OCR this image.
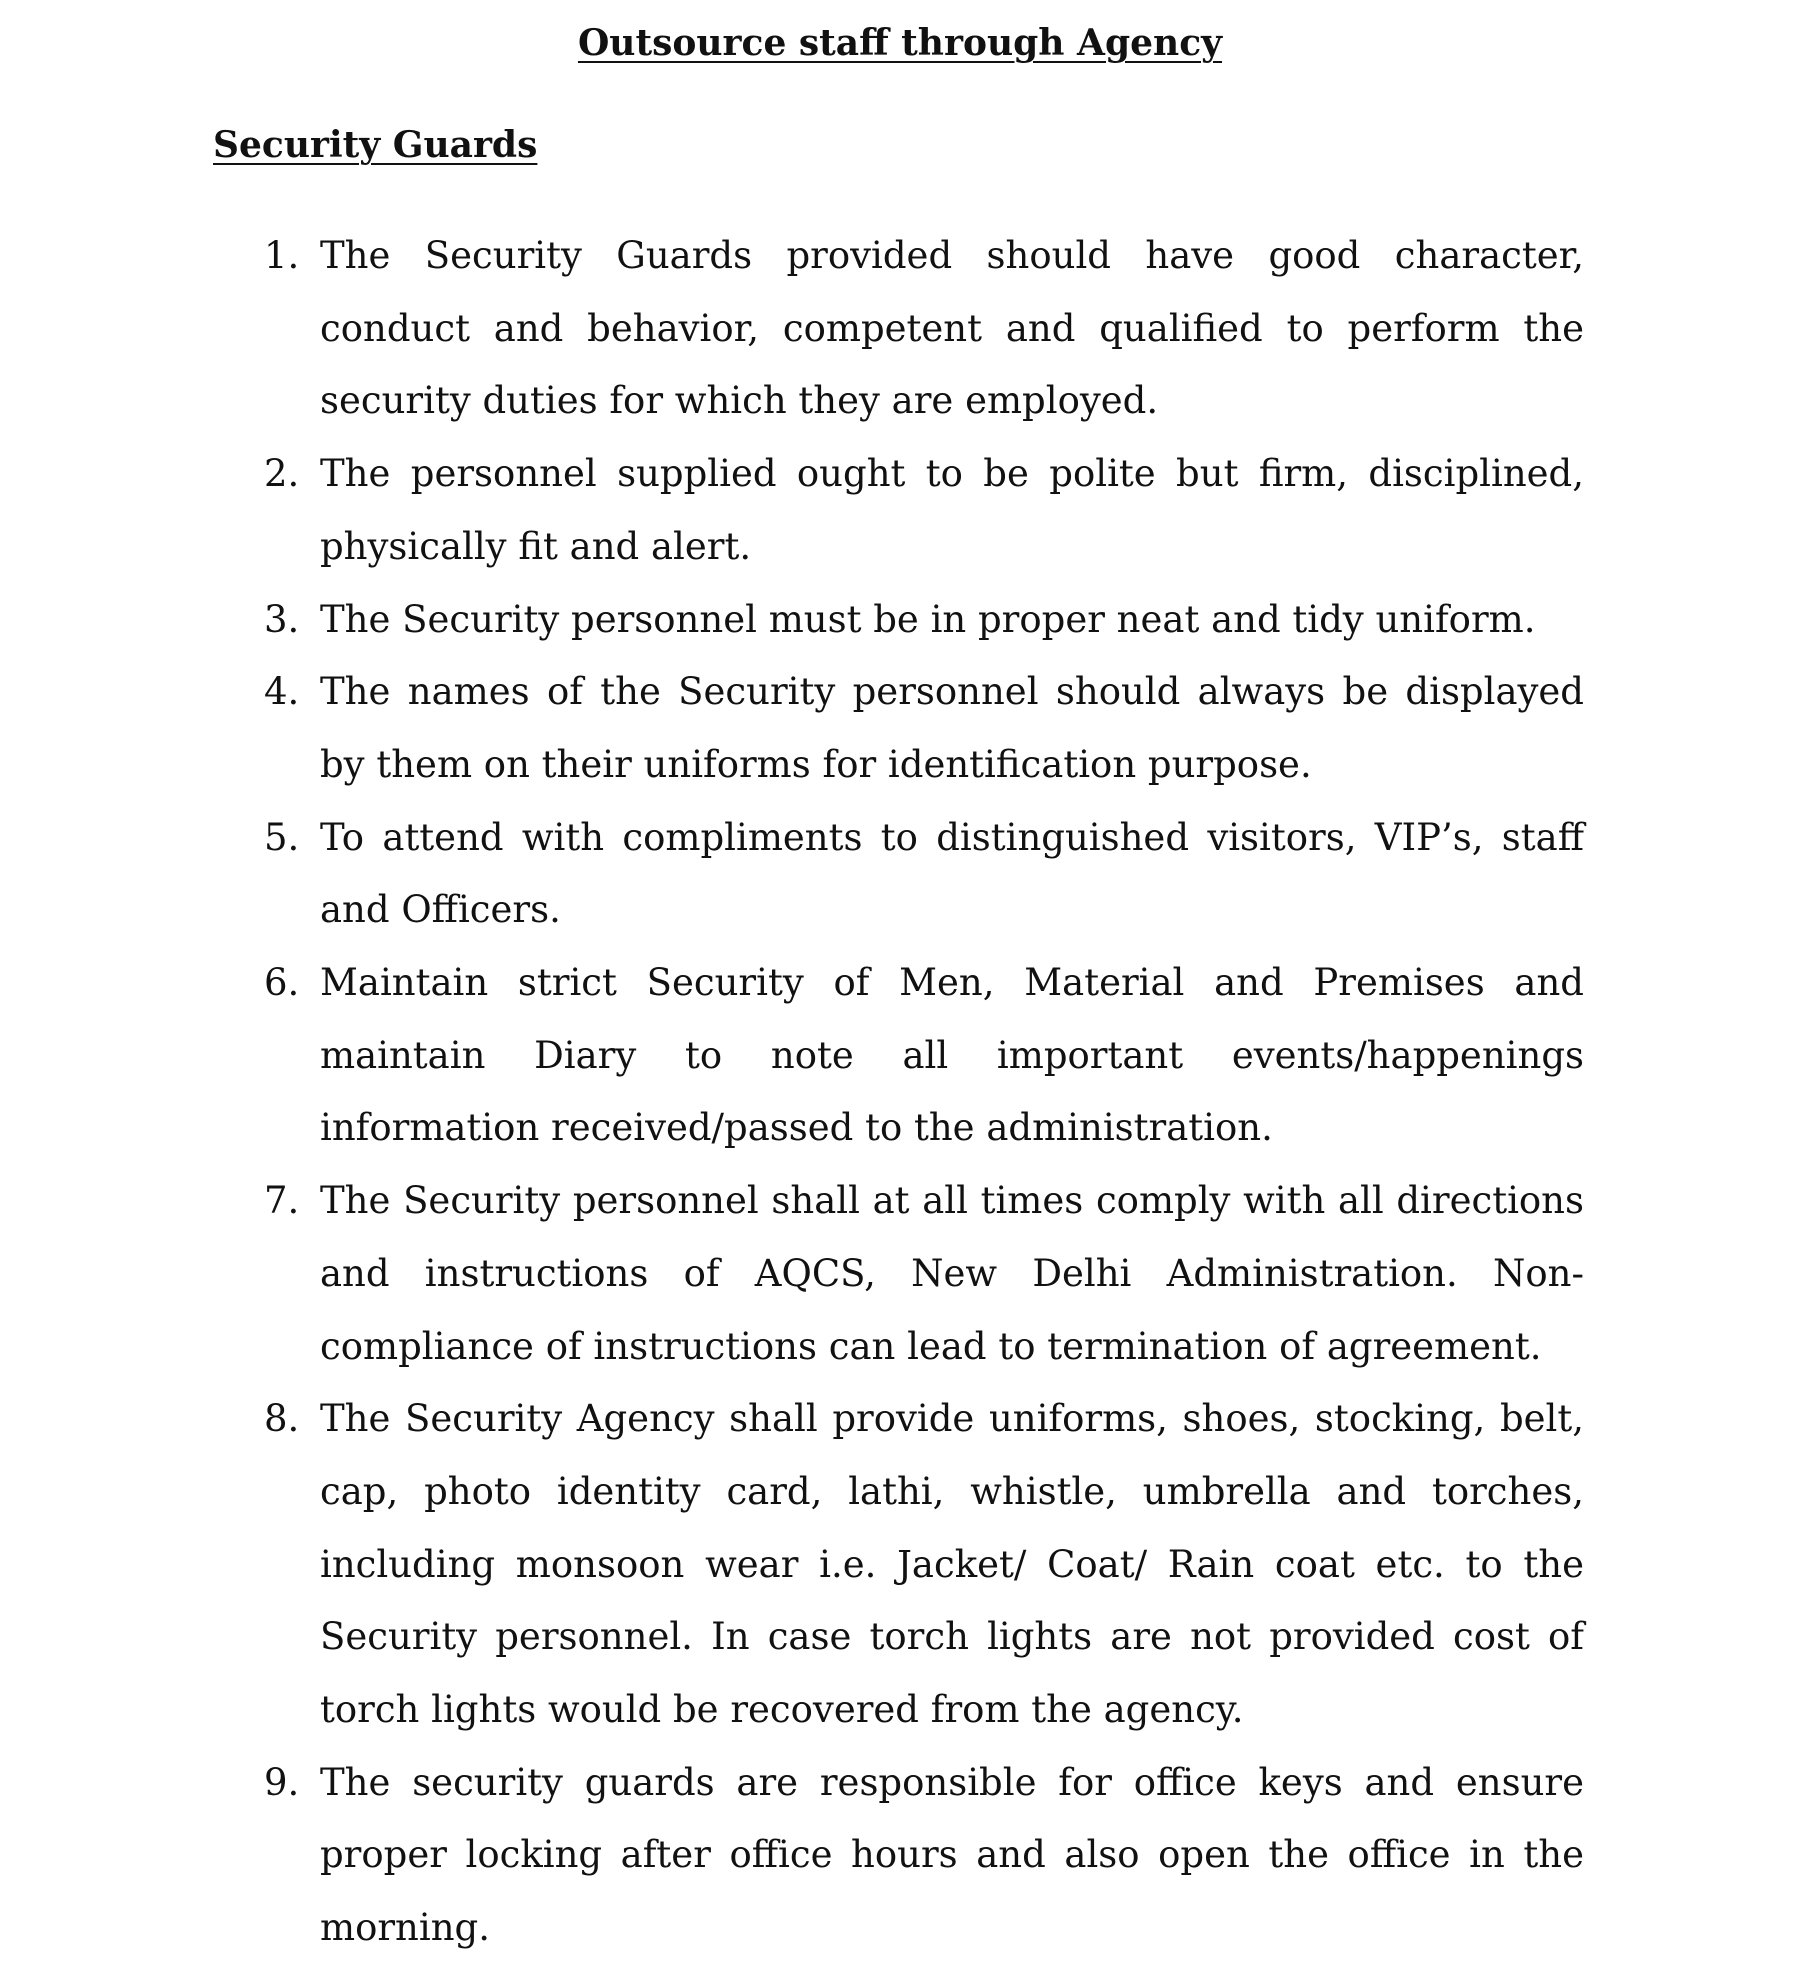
Outsource staff through Agency
Security Guards
1. The Security Guards provided should have good character, conduct and behavior, competent and qualified to perform the security duties for which they are employed.
2. The personnel supplied ought to be polite but firm, disciplined, physically fit and alert.
3. The Security personnel must be in proper neat and tidy uniform.
4. The names of the Security personnel should always be displayed by them on their uniforms for identification purpose.
5. To attend with compliments to distinguished visitors, VIP’s, staff and Officers.
6. Maintain strict Security of Men, Material and Premises and maintain Diary to note all important events/happenings information received/passed to the administration.
7. The Security personnel shall at all times comply with all directions and instructions of AQCS, New Delhi Administration. Non-compliance of instructions can lead to termination of agreement.
8. The Security Agency shall provide uniforms, shoes, stocking, belt, cap, photo identity card, lathi, whistle, umbrella and torches, including monsoon wear i.e. Jacket/ Coat/ Rain coat etc. to the Security personnel. In case torch lights are not provided cost of torch lights would be recovered from the agency.
9. The security guards are responsible for office keys and ensure proper locking after office hours and also open the office in the morning.
